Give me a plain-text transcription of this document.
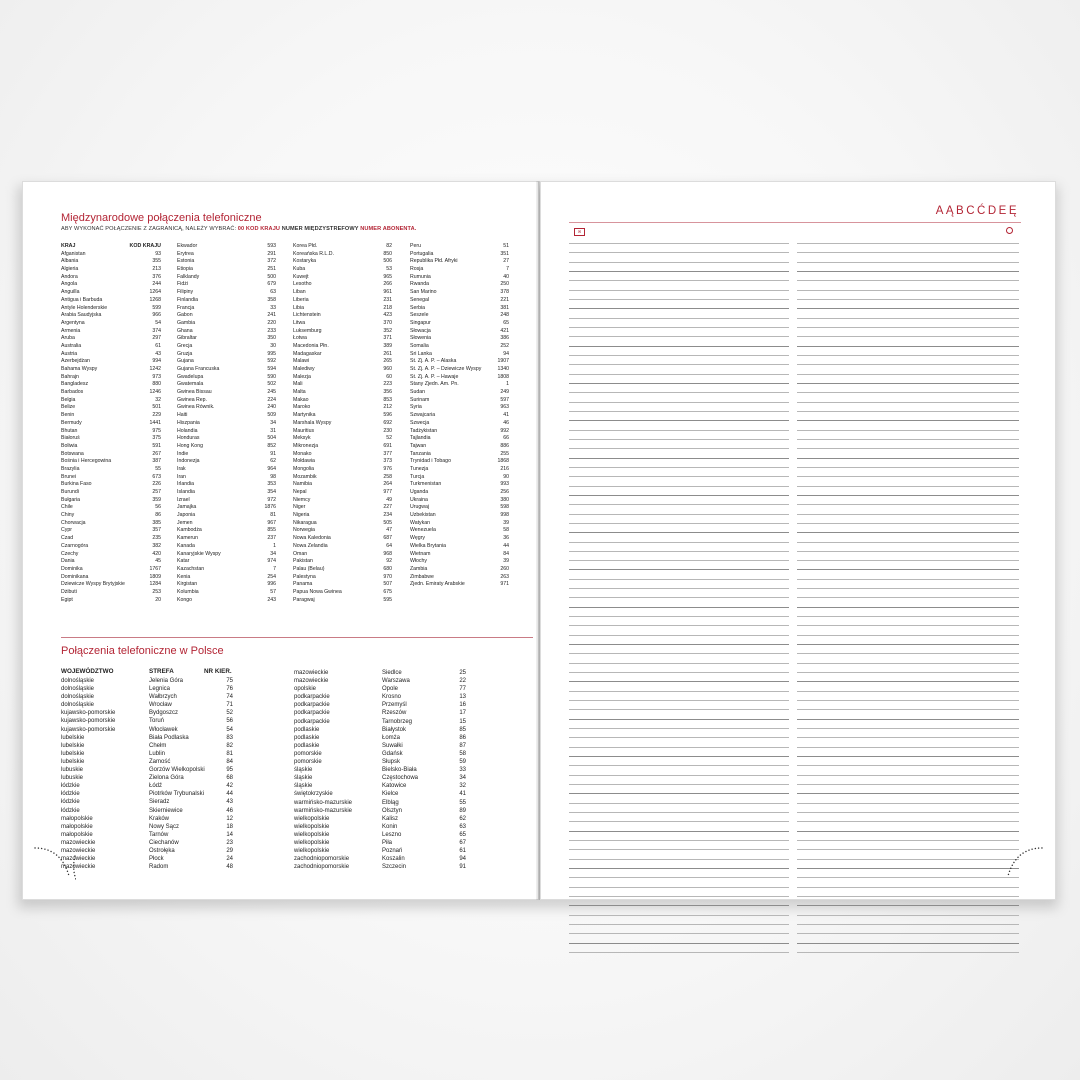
Międzynarodowe połączenia telefoniczne
ABY WYKONAĆ POŁĄCZENIE Z ZAGRANICĄ, NALEŻY WYBRAĆ: 00 KOD KRAJU NUMER MIĘDZYSTREFOWY NUMER ABONENTA.
KRAJ	KOD KRAJU
Afganistan	93
Albania	355
Algieria	213
Andora	376
Angola	244
Anguilla	1264
Antigua i Barbuda	1268
Antyle Holenderskie	599
Arabia Saudyjska	966
Argentyna	54
Armenia	374
Aruba	297
Australia	61
Austria	43
Azerbejdżan	994
Bahama Wyspy	1242
Bahrajn	973
Bangladesz	880
Barbados	1246
Belgia	32
Belize	501
Benin	229
Bermudy	1441
Bhutan	975
Białoruś	375
Boliwia	591
Botswana	267
Bośnia i Hercegowina	387
Brazylia	55
Brunei	673
Burkina Faso	226
Burundi	257
Bułgaria	359
Chile	56
Chiny	86
Chorwacja	385
Cypr	357
Czad	235
Czarnogóra	382
Czechy	420
Dania	45
Dominika	1767
Dominikana	1809
Dziewicze Wyspy Brytyjskie	1284
Dżibuti	253
Egipt	20
Ekwador	593
Erytrea	291
Estonia	372
Etiopia	251
Falklandy	500
Fidżi	679
Filipiny	63
Finlandia	358
Francja	33
Gabon	241
Gambia	220
Ghana	233
Gibraltar	350
Grecja	30
Gruzja	995
Gujana	592
Gujana Francuska	594
Gwadelupa	590
Gwatemala	502
Gwinea Bissau	245
Gwinea Rep.	224
Gwinea Równik.	240
Haiti	509
Hiszpania	34
Holandia	31
Honduras	504
Hong Kong	852
Indie	91
Indonezja	62
Irak	964
Iran	98
Irlandia	353
Islandia	354
Izrael	972
Jamajka	1876
Japonia	81
Jemen	967
Kambodża	855
Kamerun	237
Kanada	1
Kanaryjskie Wyspy	34
Katar	974
Kazachstan	7
Kenia	254
Kirgistan	996
Kolumbia	57
Kongo	243
Korea Płd.	82
Koreańska R.L.D.	850
Kostaryka	506
Kuba	53
Kuwejt	965
Lesotho	266
Liban	961
Liberia	231
Libia	218
Lichtenstein	423
Litwa	370
Luksemburg	352
Łotwa	371
Macedonia Płn.	389
Madagaskar	261
Malawi	265
Malediwy	960
Malezja	60
Mali	223
Malta	356
Makao	853
Maroko	212
Martynika	596
Marshala Wyspy	692
Mauritius	230
Meksyk	52
Mikronezja	691
Monako	377
Mołdawia	373
Mongolia	976
Mozambik	258
Namibia	264
Nepal	977
Niemcy	49
Niger	227
Nigeria	234
Nikaragua	505
Norwegia	47
Nowa Kaledonia	687
Nowa Zelandia	64
Oman	968
Pakistan	92
Palau (Belau)	680
Palestyna	970
Panama	507
Papua Nowa Gwinea	675
Paragwaj	595
Peru	51
Portugalia	351
Republika Płd. Afryki	27
Rosja	7
Rumunia	40
Rwanda	250
San Marino	378
Senegal	221
Serbia	381
Seszele	248
Singapur	65
Słowacja	421
Słowenia	386
Somalia	252
Sri Lanka	94
St. Zj. A. P. – Alaska	1907
St. Zj. A. P. – Dziewicze Wyspy	1340
St. Zj. A. P. – Hawaje	1808
Stany Zjedn. Am. Pn.	1
Sudan	249
Surinam	597
Syria	963
Szwajcaria	41
Szwecja	46
Tadżykistan	992
Tajlandia	66
Tajwan	886
Tanzania	255
Trynidad i Tobago	1868
Tunezja	216
Turcja	90
Turkmenistan	993
Uganda	256
Ukraina	380
Urugwaj	598
Uzbekistan	998
Watykan	39
Wenezuela	58
Węgry	36
Wielka Brytania	44
Wietnam	84
Włochy	39
Zambia	260
Zimbabwe	263
Zjedn. Emiraty Arabskie	971
Połączenia telefoniczne w Polsce
WOJEWÓDZTWO	STREFA	NR KIER.
dolnośląskie	Jelenia Góra	75
dolnośląskie	Legnica	76
dolnośląskie	Wałbrzych	74
dolnośląskie	Wrocław	71
kujawsko-pomorskie	Bydgoszcz	52
kujawsko-pomorskie	Toruń	56
kujawsko-pomorskie	Włocławek	54
lubelskie	Biała Podlaska	83
lubelskie	Chełm	82
lubelskie	Lublin	81
lubelskie	Zamość	84
lubuskie	Gorzów Wielkopolski	95
lubuskie	Zielona Góra	68
łódzkie	Łódź	42
łódzkie	Piotrków Trybunalski	44
łódzkie	Sieradz	43
łódzkie	Skierniewice	46
małopolskie	Kraków	12
małopolskie	Nowy Sącz	18
małopolskie	Tarnów	14
mazowieckie	Ciechanów	23
mazowieckie	Ostrołęka	29
mazowieckie	Płock	24
mazowieckie	Radom	48
mazowieckie	Siedlce	25
mazowieckie	Warszawa	22
opolskie	Opole	77
podkarpackie	Krosno	13
podkarpackie	Przemyśl	16
podkarpackie	Rzeszów	17
podkarpackie	Tarnobrzeg	15
podlaskie	Białystok	85
podlaskie	Łomża	86
podlaskie	Suwałki	87
pomorskie	Gdańsk	58
pomorskie	Słupsk	59
śląskie	Bielsko-Biała	33
śląskie	Częstochowa	34
śląskie	Katowice	32
świętokrzyskie	Kielce	41
warmińsko-mazurskie	Elbląg	55
warmińsko-mazurskie	Olsztyn	89
wielkopolskie	Kalisz	62
wielkopolskie	Konin	63
wielkopolskie	Leszno	65
wielkopolskie	Piła	67
wielkopolskie	Poznań	61
zachodniopomorskie	Koszalin	94
zachodniopomorskie	Szczecin	91
AĄBCĆDEĘ
✉
